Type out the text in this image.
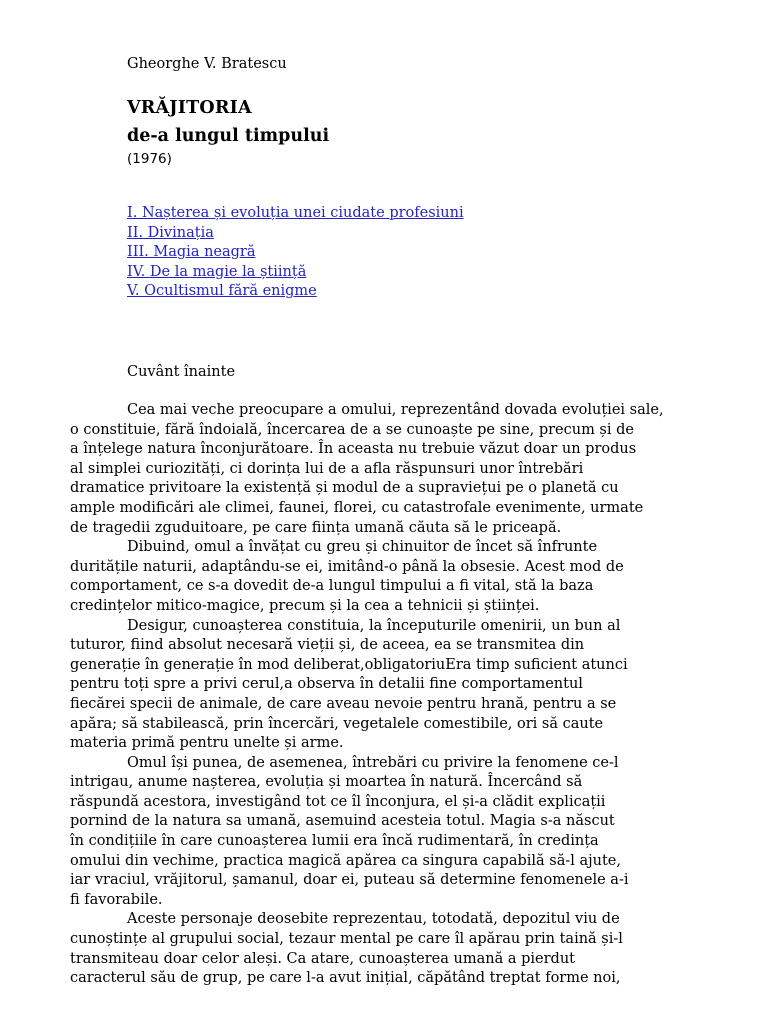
Gheorghe V. Bratescu

VRĂJITORIA
de-a lungul timpului

(1976)

I. Nașterea și evoluția unei ciudate profesiuni
II. Divinația
III. Magia neagră
IV. De la magie la știință
V. Ocultismul fără enigme

Cuvânt înainte

Cea mai veche preocupare a omului, reprezentând dovada evoluției sale,
o constituie, fără îndoială, încercarea de a se cunoaște pe sine, precum și de
a înțelege natura înconjurătoare. În aceasta nu trebuie văzut doar un produs
al simplei curiozități, ci dorința lui de a afla răspunsuri unor întrebări
dramatice privitoare la existență și modul de a supraviețui pe o planetă cu
ample modificări ale climei, faunei, florei, cu catastrofale evenimente, urmate
de tragedii zguduitoare, pe care ființa umană căuta să le priceapă.

Dibuind, omul a învățat cu greu și chinuitor de încet să înfrunte
duritățile naturii, adaptându-se ei, imitând-o până la obsesie. Acest mod de
comportament, ce s-a dovedit de-a lungul timpului a fi vital, stă la baza
credințelor mitico-magice, precum și la cea a tehnicii și științei.

Desigur, cunoașterea constituia, la începuturile omenirii, un bun al
tuturor, fiind absolut necesară vieții și, de aceea, ea se transmitea din
generație în generație în mod deliberat,obligatoriuEra timp suficient atunci
pentru toți spre a privi cerul,a observa în detalii fine comportamentul
fiecărei specii de animale, de care aveau nevoie pentru hrană, pentru a se
apăra; să stabilească, prin încercări, vegetalele comestibile, ori să caute
materia primă pentru unelte și arme.

Omul își punea, de asemenea, întrebări cu privire la fenomene ce-l
intrigau, anume nașterea, evoluția și moartea în natură. Încercând să
răspundă acestora, investigând tot ce îl înconjura, el și-a clădit explicații
pornind de la natura sa umană, asemuind acesteia totul. Magia s-a născut
în condițiile în care cunoașterea lumii era încă rudimentară, în credința
omului din vechime, practica magică apărea ca singura capabilă să-l ajute,
iar vraciul, vrăjitorul, șamanul, doar ei, puteau să determine fenomenele a-i
fi favorabile.

Aceste personaje deosebite reprezentau, totodată, depozitul viu de
cunoștințe al grupului social, tezaur mental pe care îl apărau prin taină și-l
transmiteau doar celor aleși. Ca atare, cunoașterea umană a pierdut
caracterul său de grup, pe care l-a avut inițial, căpătând treptat forme noi,
